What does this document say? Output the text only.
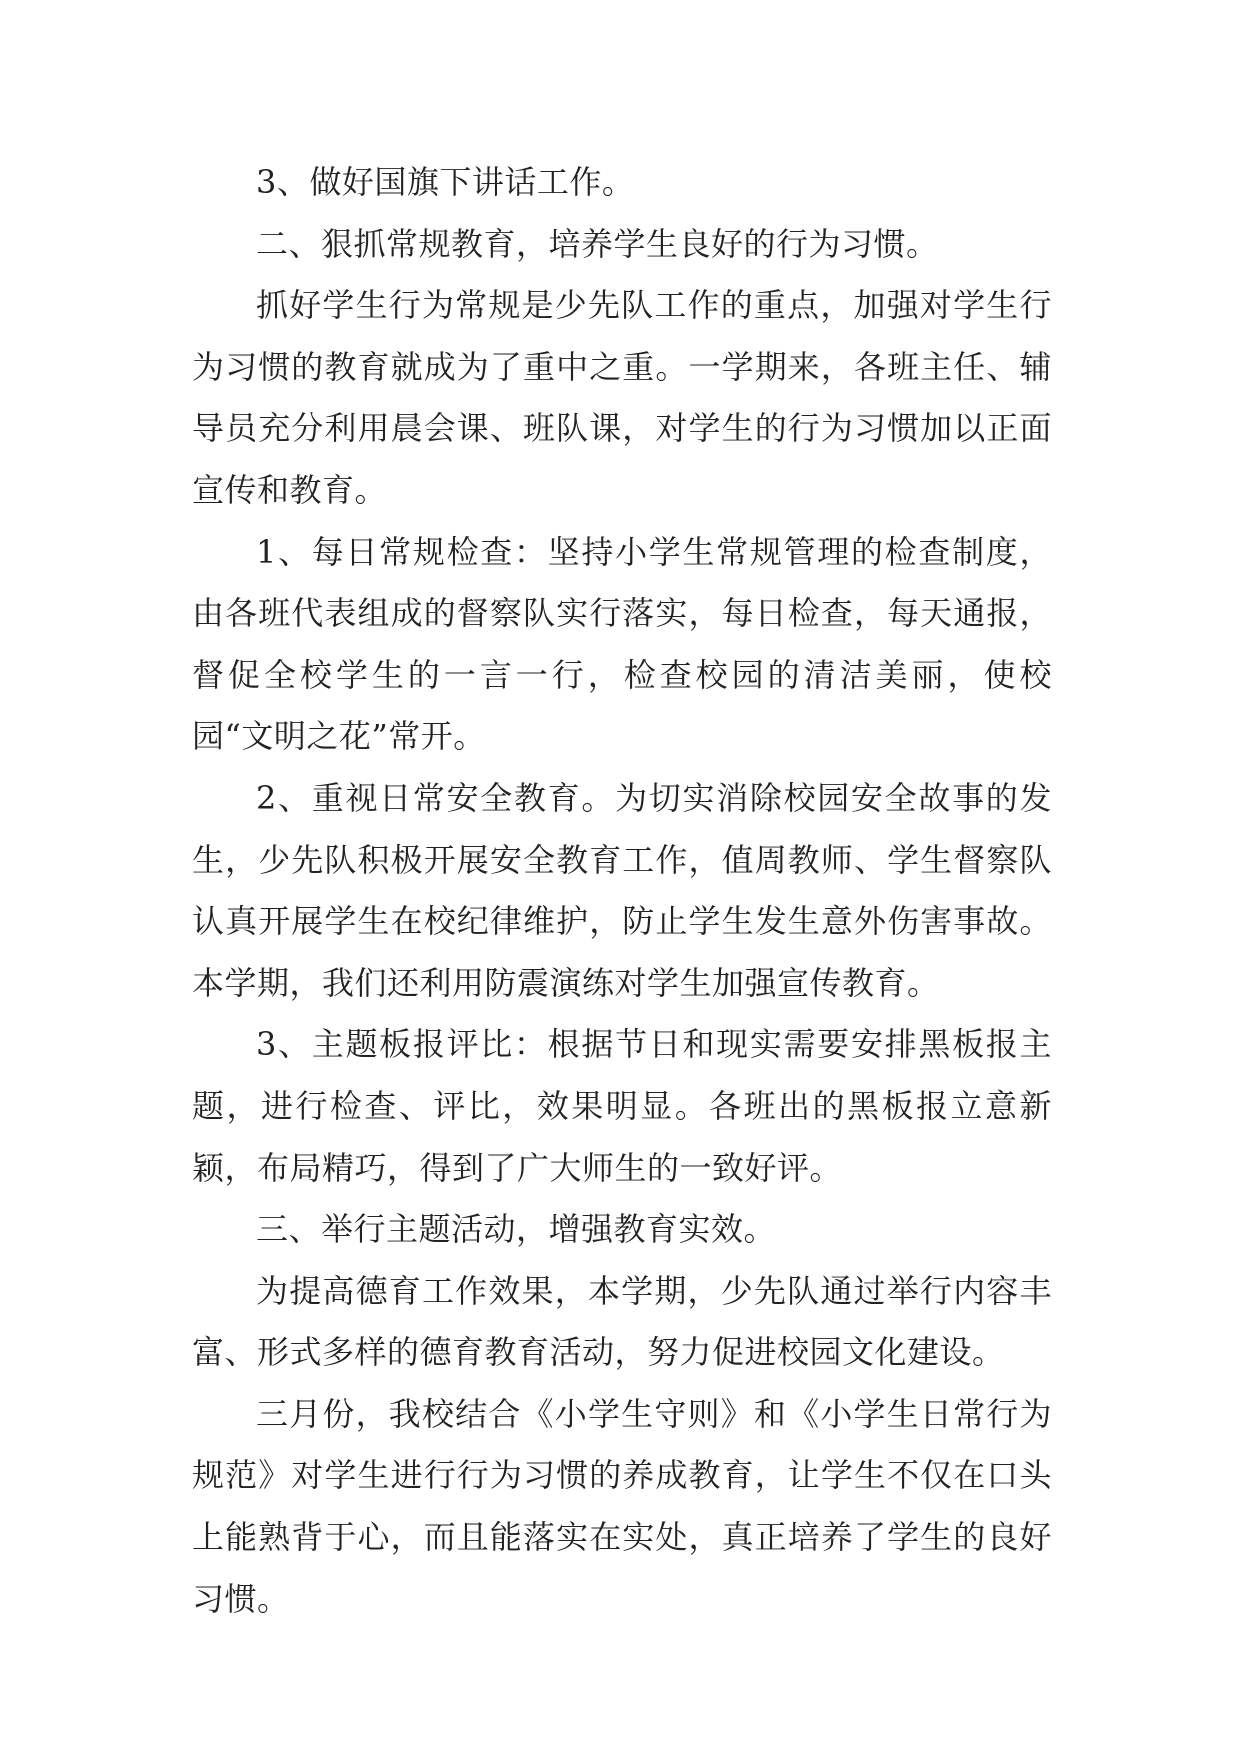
3、做好国旗下讲话工作。

二、狠抓常规教育，培养学生良好的行为习惯。

抓好学生行为常规是少先队工作的重点，加强对学生行为习惯的教育就成为了重中之重。一学期来，各班主任、辅导员充分利用晨会课、班队课，对学生的行为习惯加以正面宣传和教育。

1、每日常规检查：坚持小学生常规管理的检查制度，由各班代表组成的督察队实行落实，每日检查，每天通报，督促全校学生的一言一行，检查校园的清洁美丽，使校园“文明之花”常开。

2、重视日常安全教育。为切实消除校园安全故事的发生，少先队积极开展安全教育工作，值周教师、学生督察队认真开展学生在校纪律维护，防止学生发生意外伤害事故。本学期，我们还利用防震演练对学生加强宣传教育。

3、主题板报评比：根据节日和现实需要安排黑板报主题，进行检查、评比，效果明显。各班出的黑板报立意新颖，布局精巧，得到了广大师生的一致好评。

三、举行主题活动，增强教育实效。

为提高德育工作效果，本学期，少先队通过举行内容丰富、形式多样的德育教育活动，努力促进校园文化建设。

三月份，我校结合《小学生守则》和《小学生日常行为规范》对学生进行行为习惯的养成教育，让学生不仅在口头上能熟背于心，而且能落实在实处，真正培养了学生的良好习惯。
